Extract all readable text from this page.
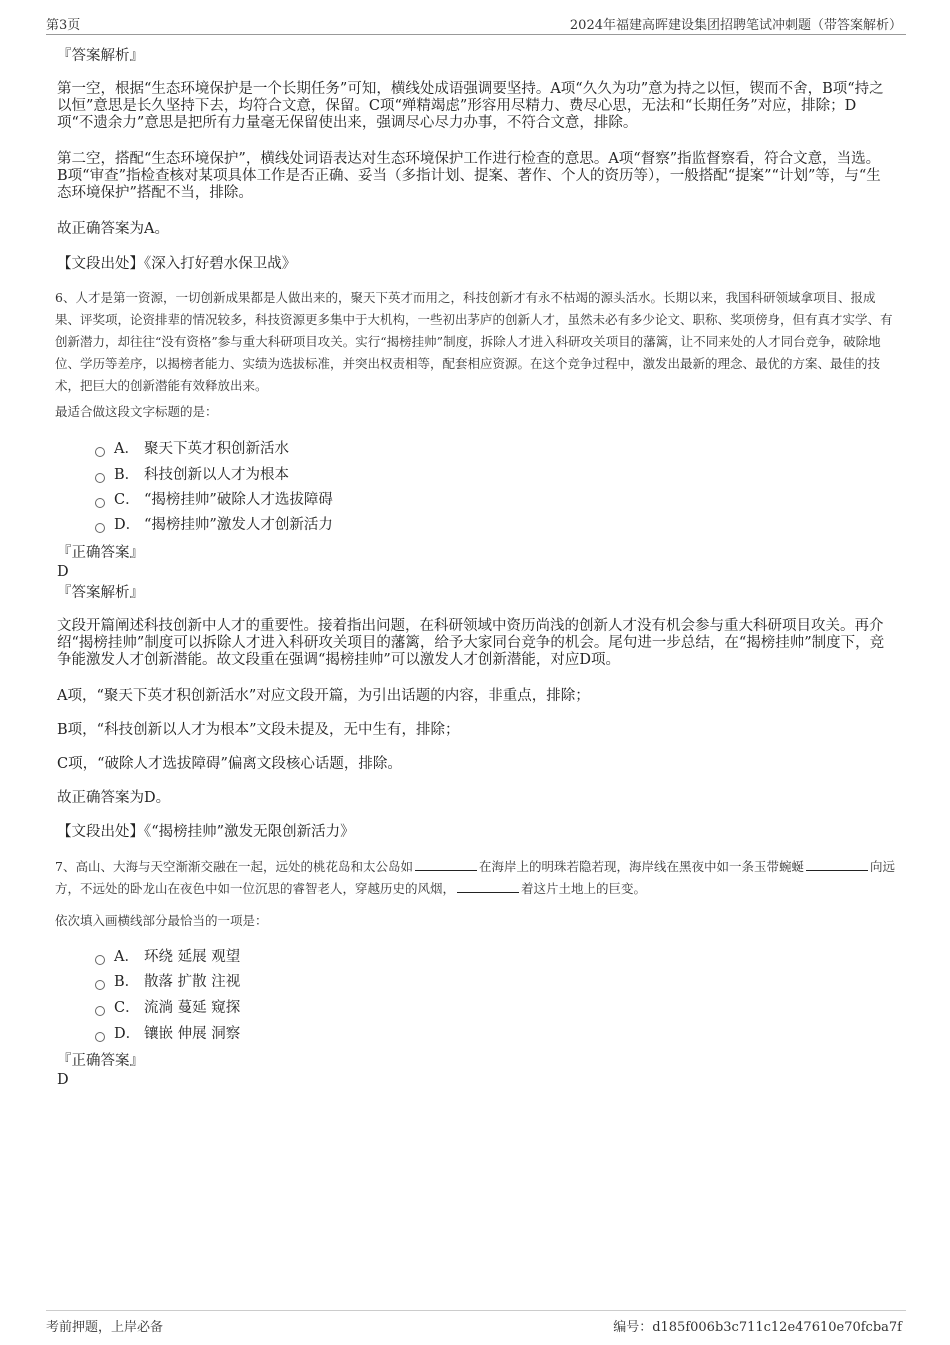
第3页	2024年福建高晖建设集团招聘笔试冲刺题（带答案解析）
『答案解析』
第一空，根据“生态环境保护是一个长期任务”可知，横线处成语强调要坚持。A项“久久为功”意为持之以恒，锲而不舍，B项“持之以恒”意思是长久坚持下去，均符合文意，保留。C项“殚精竭虑”形容用尽精力、费尽心思，无法和“长期任务”对应，排除；D项“不遗余力”意思是把所有力量毫无保留使出来，强调尽心尽力办事，不符合文意，排除。
第二空，搭配“生态环境保护”，横线处词语表达对生态环境保护工作进行检查的意思。A项“督察”指监督察看，符合文意，当选。B项“审查”指检查核对某项具体工作是否正确、妥当（多指计划、提案、著作、个人的资历等），一般搭配“提案”“计划”等，与“生态环境保护”搭配不当，排除。
故正确答案为A。
【文段出处】《深入打好碧水保卫战》
6、人才是第一资源，一切创新成果都是人做出来的，聚天下英才而用之，科技创新才有永不枯竭的源头活水。长期以来，我国科研领域拿项目、报成果、评奖项，论资排辈的情况较多，科技资源更多集中于大机构，一些初出茅庐的创新人才，虽然未必有多少论文、职称、奖项傍身，但有真才实学、有创新潜力，却往往“没有资格”参与重大科研项目攻关。实行“揭榜挂帅”制度，拆除人才进入科研攻关项目的藩篱，让不同来处的人才同台竞争，破除地位、学历等差序，以揭榜者能力、实绩为选拔标准，并突出权责相等，配套相应资源。在这个竞争过程中，激发出最新的理念、最优的方案、最佳的技术，把巨大的创新潜能有效释放出来。
最适合做这段文字标题的是：
A． 聚天下英才积创新活水
B． 科技创新以人才为根本
C． “揭榜挂帅”破除人才选拔障碍
D． “揭榜挂帅”激发人才创新活力
『正确答案』
D
『答案解析』
文段开篇阐述科技创新中人才的重要性。接着指出问题，在科研领域中资历尚浅的创新人才没有机会参与重大科研项目攻关。再介绍“揭榜挂帅”制度可以拆除人才进入科研攻关项目的藩篱，给予大家同台竞争的机会。尾句进一步总结，在“揭榜挂帅”制度下，竞争能激发人才创新潜能。故文段重在强调“揭榜挂帅”可以激发人才创新潜能，对应D项。
A项，“聚天下英才积创新活水”对应文段开篇，为引出话题的内容，非重点，排除；
B项，“科技创新以人才为根本”文段未提及，无中生有，排除；
C项，“破除人才选拔障碍”偏离文段核心话题，排除。
故正确答案为D。
【文段出处】《“揭榜挂帅”激发无限创新活力》
7、高山、大海与天空渐渐交融在一起，远处的桃花岛和太公岛如	在海岸上的明珠若隐若现，海岸线在黑夜中如一条玉带蜿蜒	向远方，不远处的卧龙山在夜色中如一位沉思的睿智老人，穿越历史的风烟，	着这片土地上的巨变。
依次填入画横线部分最恰当的一项是：
A． 环绕 延展 观望
B． 散落 扩散 注视
C． 流淌 蔓延 窥探
D． 镶嵌 伸展 洞察
『正确答案』
D
考前押题，上岸必备	编号：d185f006b3c711c12e47610e70fcba7f
